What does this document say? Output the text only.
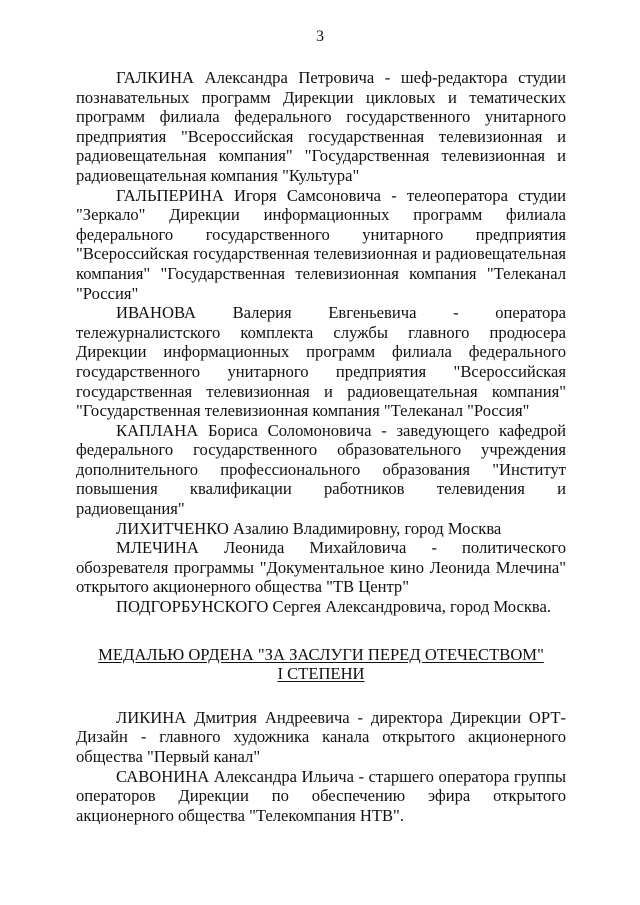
3

ГАЛКИНА Александра Петровича - шеф-редактора студии познавательных программ Дирекции цикловых и тематических программ филиала федерального государственного унитарного предприятия "Всероссийская государственная телевизионная и радиовещательная компания" "Государственная телевизионная и радиовещательная компания "Культура"

ГАЛЬПЕРИНА Игоря Самсоновича - телеоператора студии "Зеркало" Дирекции информационных программ филиала федерального государственного унитарного предприятия "Всероссийская государственная телевизионная и радиовещательная компания" "Государственная телевизионная компания "Телеканал "Россия"

ИВАНОВА Валерия Евгеньевича - оператора тележурналистского комплекта службы главного продюсера Дирекции информационных программ филиала федерального государственного унитарного предприятия "Всероссийская государственная телевизионная и радиовещательная компания" "Государственная телевизионная компания "Телеканал "Россия"

КАПЛАНА Бориса Соломоновича - заведующего кафедрой федерального государственного образовательного учреждения дополнительного профессионального образования "Институт повышения квалификации работников телевидения и радиовещания"

ЛИХИТЧЕНКО Азалию Владимировну, город Москва

МЛЕЧИНА Леонида Михайловича - политического обозревателя программы "Документальное кино Леонида Млечина" открытого акционерного общества "ТВ Центр"

ПОДГОРБУНСКОГО Сергея Александровича, город Москва.

МЕДАЛЬЮ ОРДЕНА "ЗА ЗАСЛУГИ ПЕРЕД ОТЕЧЕСТВОМ"
I СТЕПЕНИ

ЛИКИНА Дмитрия Андреевича - директора Дирекции ОРТ-Дизайн - главного художника канала открытого акционерного общества "Первый канал"

САВОНИНА Александра Ильича - старшего оператора группы операторов Дирекции по обеспечению эфира открытого акционерного общества "Телекомпания НТВ".
